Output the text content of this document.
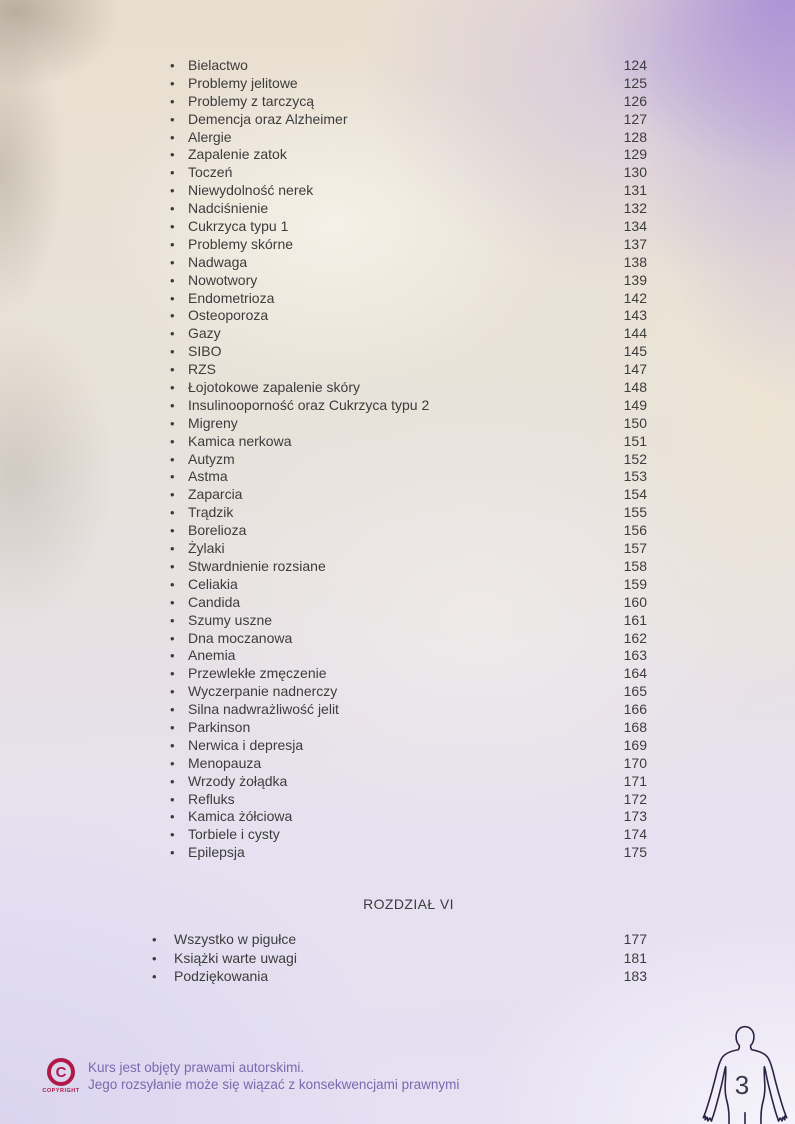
• Bielactwo	124
• Problemy jelitowe	125
• Problemy z tarczycą	126
• Demencja oraz Alzheimer	127
• Alergie	128
• Zapalenie zatok	129
• Toczeń	130
• Niewydolność nerek	131
• Nadciśnienie	132
• Cukrzyca typu 1	134
• Problemy skórne	137
• Nadwaga	138
• Nowotwory	139
• Endometrioza	142
• Osteoporoza	143
• Gazy	144
• SIBO	145
• RZS	147
• Łojotokowe zapalenie skóry	148
• Insulinooporność oraz Cukrzyca typu 2	149
• Migreny	150
• Kamica nerkowa	151
• Autyzm	152
• Astma	153
• Zaparcia	154
• Trądzik	155
• Borelioza	156
• Żylaki	157
• Stwardnienie rozsiane	158
• Celiakia	159
• Candida	160
• Szumy uszne	161
• Dna moczanowa	162
• Anemia	163
• Przewlekłe zmęczenie	164
• Wyczerpanie nadnerczy	165
• Silna nadwrażliwość jelit	166
• Parkinson	168
• Nerwica i depresja	169
• Menopauza	170
• Wrzody żołądka	171
• Refluks	172
• Kamica żółciowa	173
• Torbiele i cysty	174
• Epilepsja	175
ROZDZIAŁ VI
•	Wszystko w pigułce	177
•	Książki warte uwagi	181
•	Podziękowania	183
C
COPYRIGHT
Kurs jest objęty prawami autorskimi.
Jego rozsyłanie może się wiązać z konsekwencjami prawnymi	3
